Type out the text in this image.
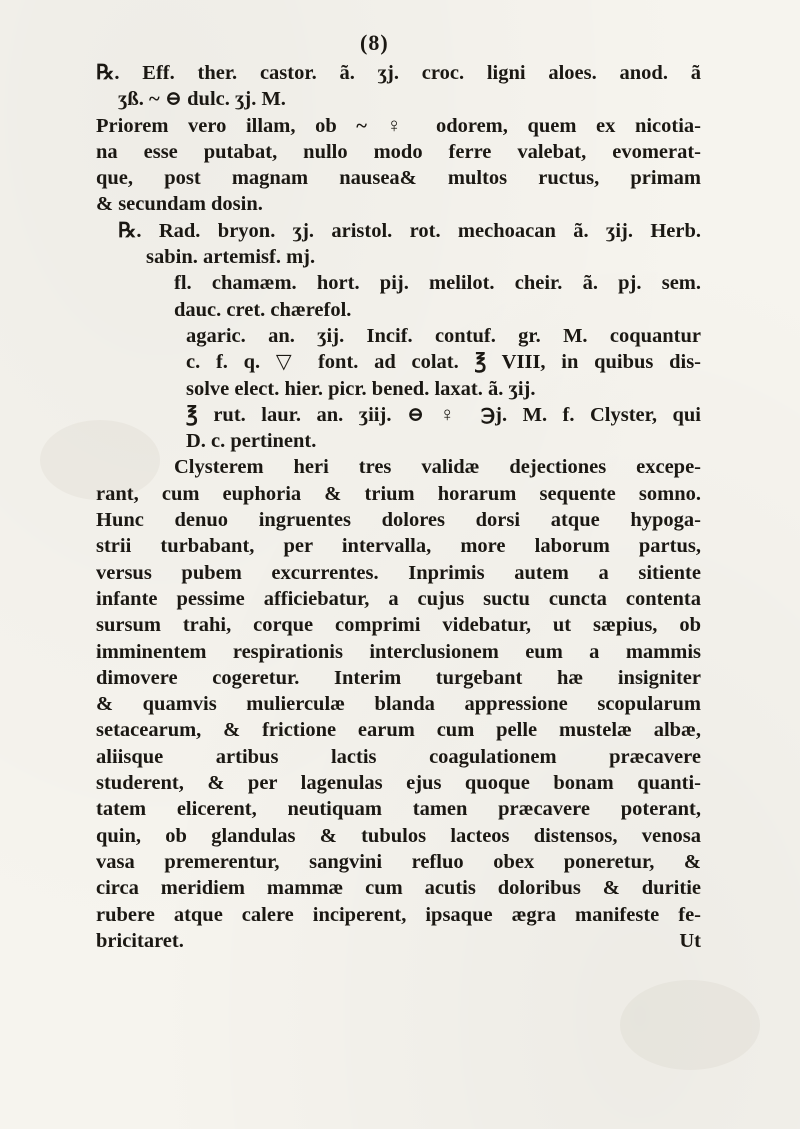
(8)
℞. Eff. ther. castor. ã. ʒj. croc. ligni aloes. anod. ã
ʒß. ~ ⊖ dulc. ʒj. M.
Priorem vero illam, ob ~ ♀ odorem, quem ex nicotia-
na esse putabat, nullo modo ferre valebat, evomerat-
que, post magnam nausea& multos ructus, primam
& secundam dosin.
℞. Rad. bryon. ʒj. aristol. rot. mechoacan ã. ʒij. Herb.
sabin. artemisf. mj.
fl. chamæm. hort. pij. melilot. cheir. ã. pj. sem.
dauc. cret. chærefol.
agaric. an. ʒij. Incif. contuf. gr. M. coquantur
c. f. q. ▽ font. ad colat. ℥ VIII, in quibus dis-
solve elect. hier. picr. bened. laxat. ã. ʒij.
℥ rut. laur. an. ʒiij. ⊖ ♀ ℈j. M. f. Clyster, qui
D. c. pertinent.
Clysterem heri tres validæ dejectiones excepe-
rant, cum euphoria & trium horarum sequente somno.
Hunc denuo ingruentes dolores dorsi atque hypoga-
strii turbabant, per intervalla, more laborum partus,
versus pubem excurrentes. Inprimis autem a sitiente
infante pessime afficiebatur, a cujus suctu cuncta contenta
sursum trahi, corque comprimi videbatur, ut sæpius, ob
imminentem respirationis interclusionem eum a mammis
dimovere cogeretur. Interim turgebant hæ insigniter
& quamvis mulierculæ blanda appressione scopularum
setacearum, & frictione earum cum pelle mustelæ albæ,
aliisque artibus lactis coagulationem præcavere
studerent, & per lagenulas ejus quoque bonam quanti-
tatem elicerent, neutiquam tamen præcavere poterant,
quin, ob glandulas & tubulos lacteos distensos, venosa
vasa premerentur, sangvini refluo obex poneretur, &
circa meridiem mammæ cum acutis doloribus & duritie
rubere atque calere inciperent, ipsaque ægra manifeste fe-
bricitaret.	Ut
